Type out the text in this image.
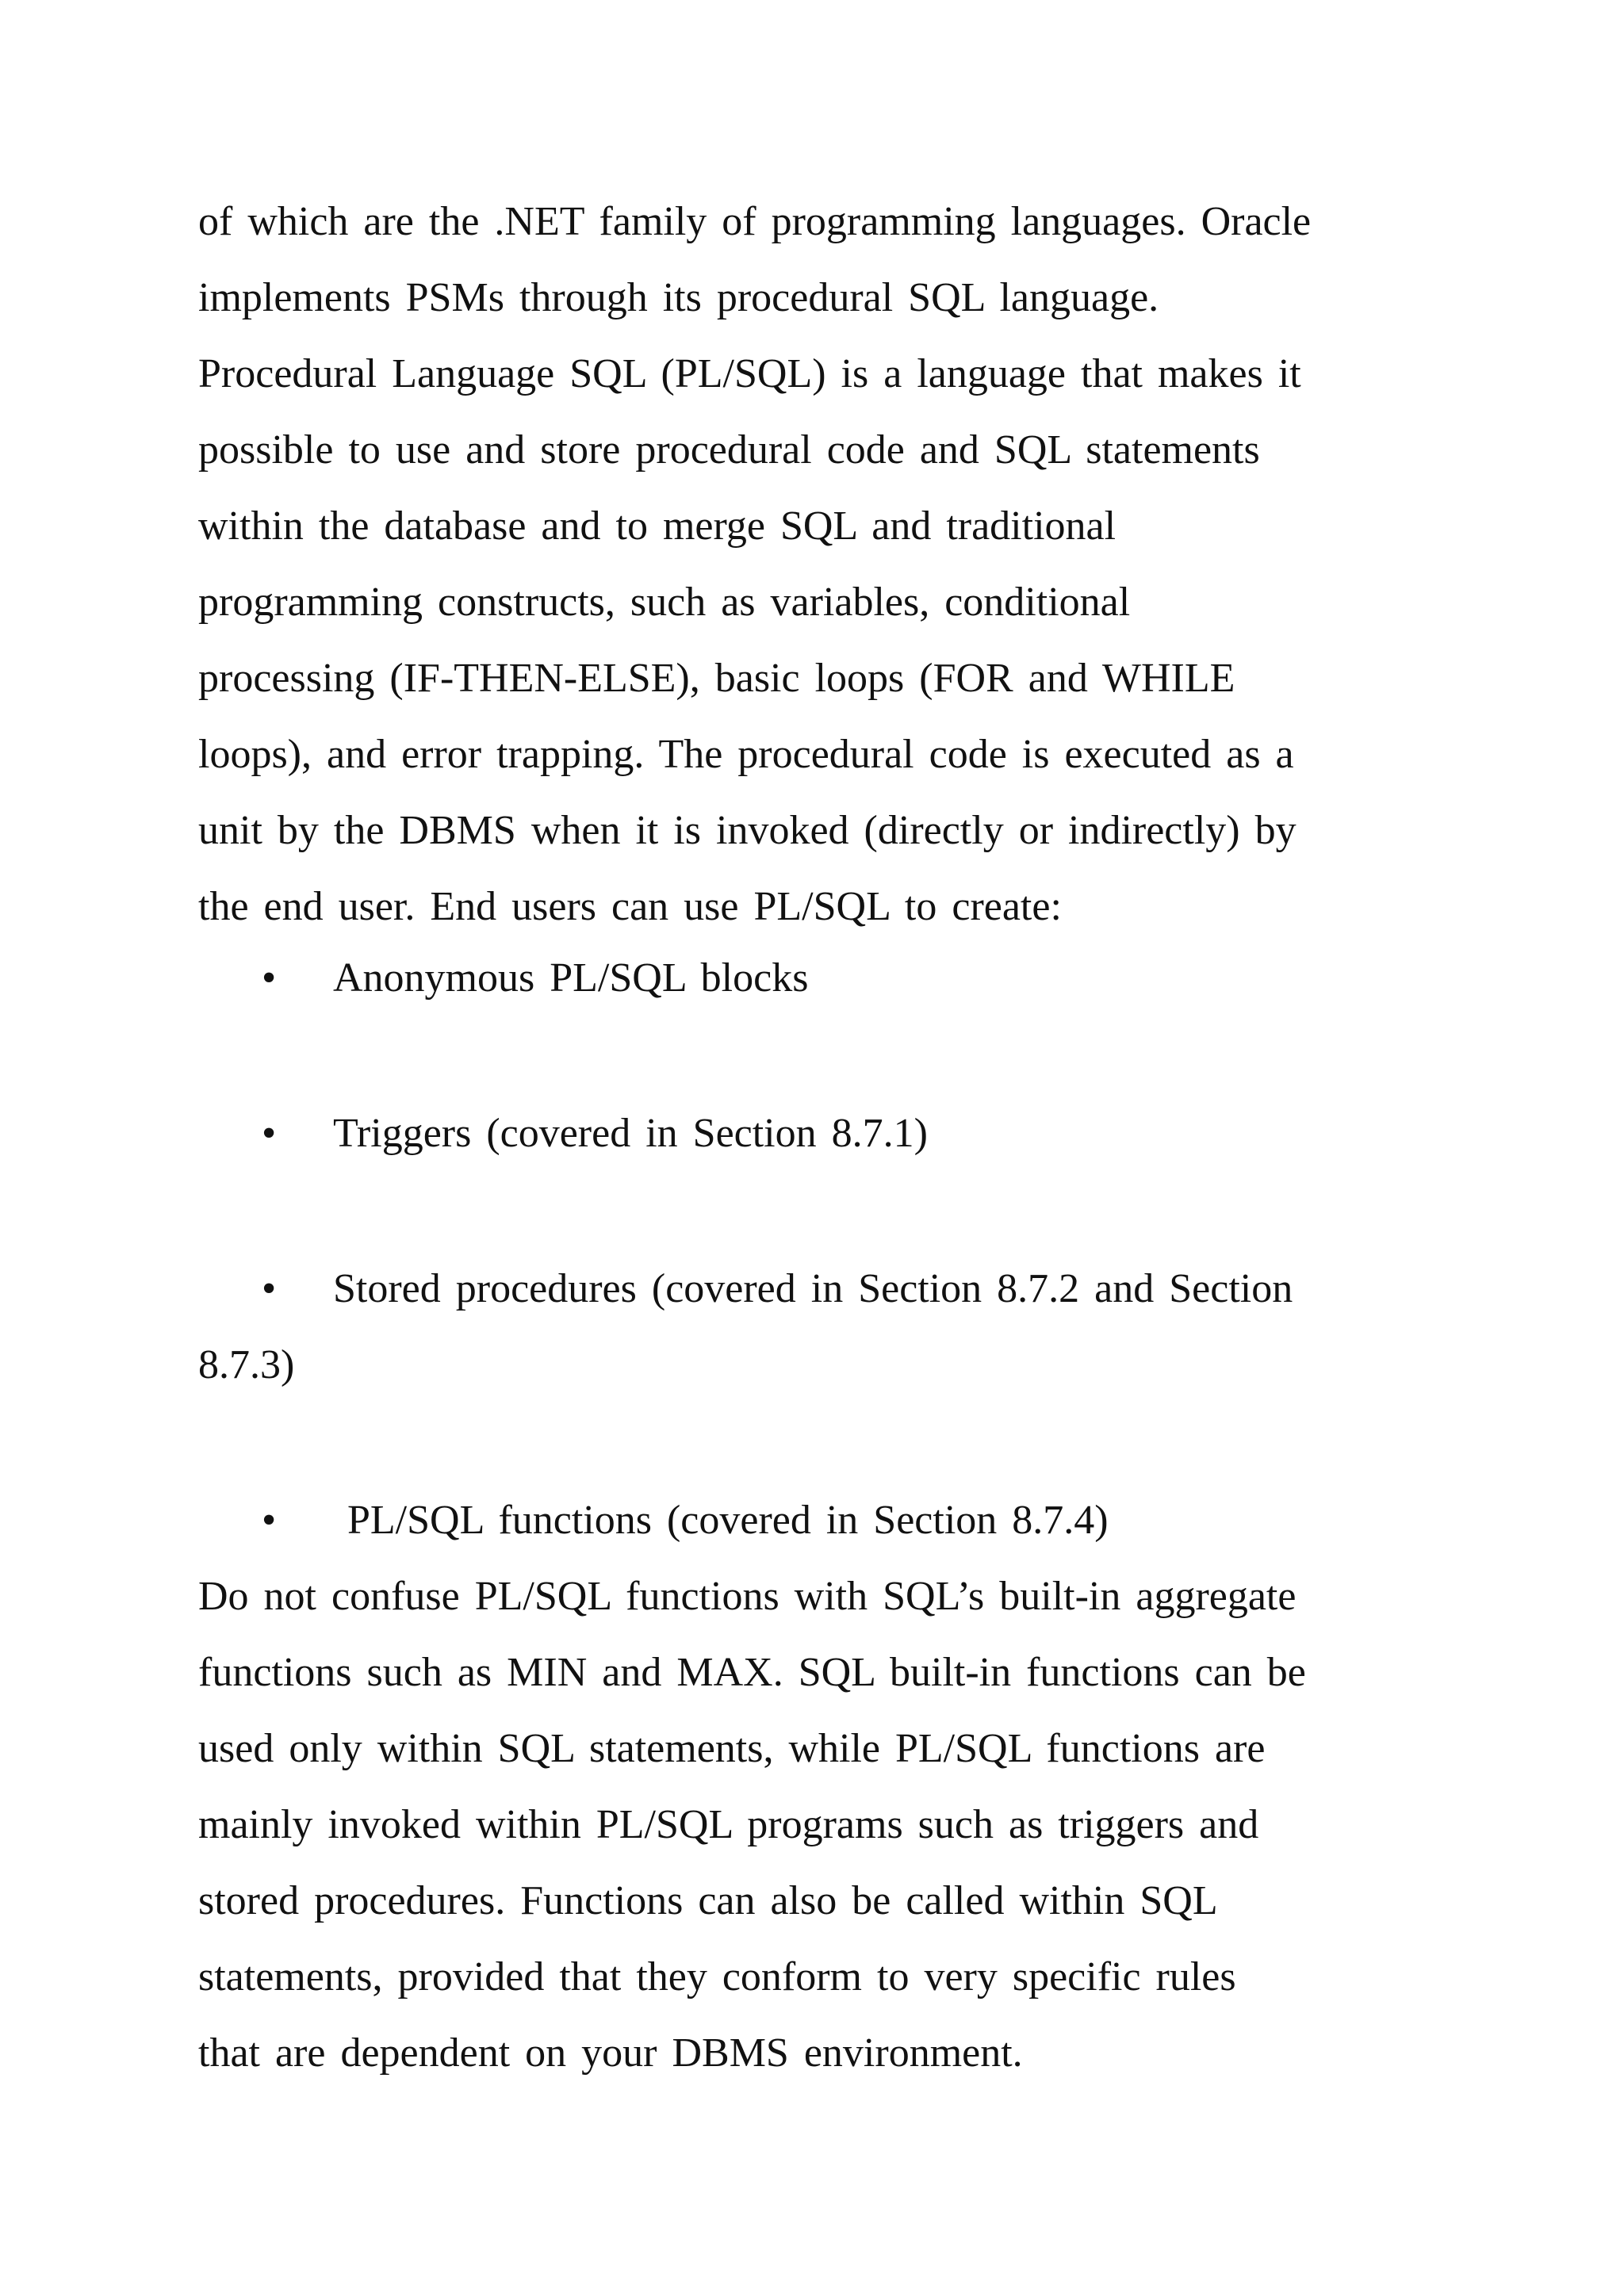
of which are the .NET family of programming languages. Oracle
implements PSMs through its procedural SQL language.
Procedural Language SQL (PL/SQL) is a language that makes it
possible to use and store procedural code and SQL statements
within the database and to merge SQL and traditional
programming constructs, such as variables, conditional
processing (IF-THEN-ELSE), basic loops (FOR and WHILE
loops), and error trapping. The procedural code is executed as a
unit by the DBMS when it is invoked (directly or indirectly) by
the end user. End users can use PL/SQL to create:
• Anonymous PL/SQL blocks
• Triggers (covered in Section 8.7.1)
• Stored procedures (covered in Section 8.7.2 and Section
8.7.3)
• PL/SQL functions (covered in Section 8.7.4)
Do not confuse PL/SQL functions with SQL’s built-in aggregate
functions such as MIN and MAX. SQL built-in functions can be
used only within SQL statements, while PL/SQL functions are
mainly invoked within PL/SQL programs such as triggers and
stored procedures. Functions can also be called within SQL
statements, provided that they conform to very specific rules
that are dependent on your DBMS environment.
